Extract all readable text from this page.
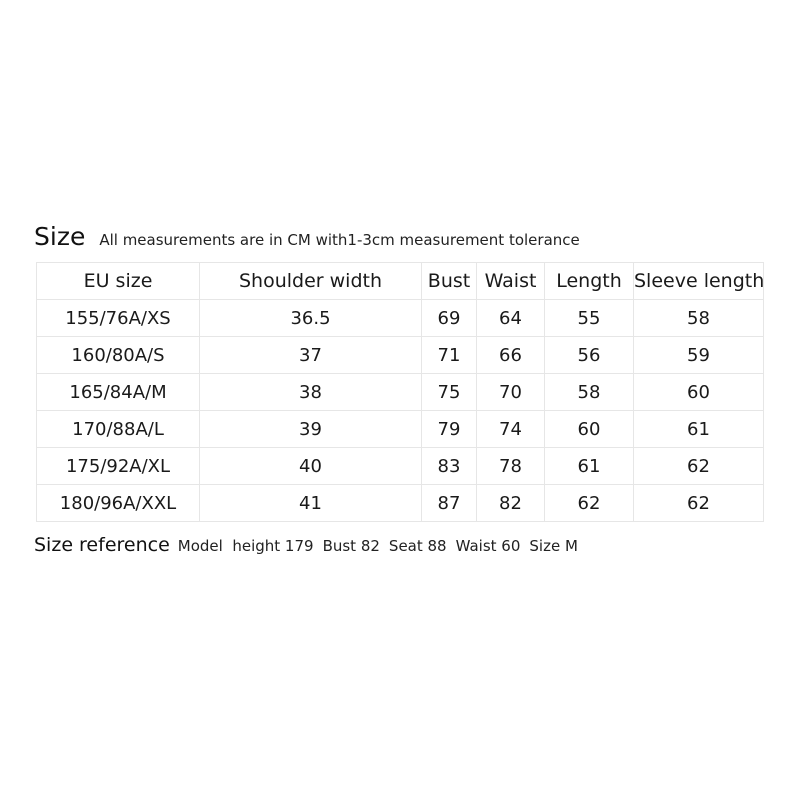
Size All measurements are in CM with1-3cm measurement tolerance
EU size	Shoulder width	Bust	Waist	Length	Sleeve length
155/76A/XS	36.5	69	64	55	58
160/80A/S	37	71	66	56	59
165/84A/M	38	75	70	58	60
170/88A/L	39	79	74	60	61
175/92A/XL	40	83	78	61	62
180/96A/XXL	41	87	82	62	62
Size reference Model  height 179 Bust 82 Seat 88 Waist 60 Size M
